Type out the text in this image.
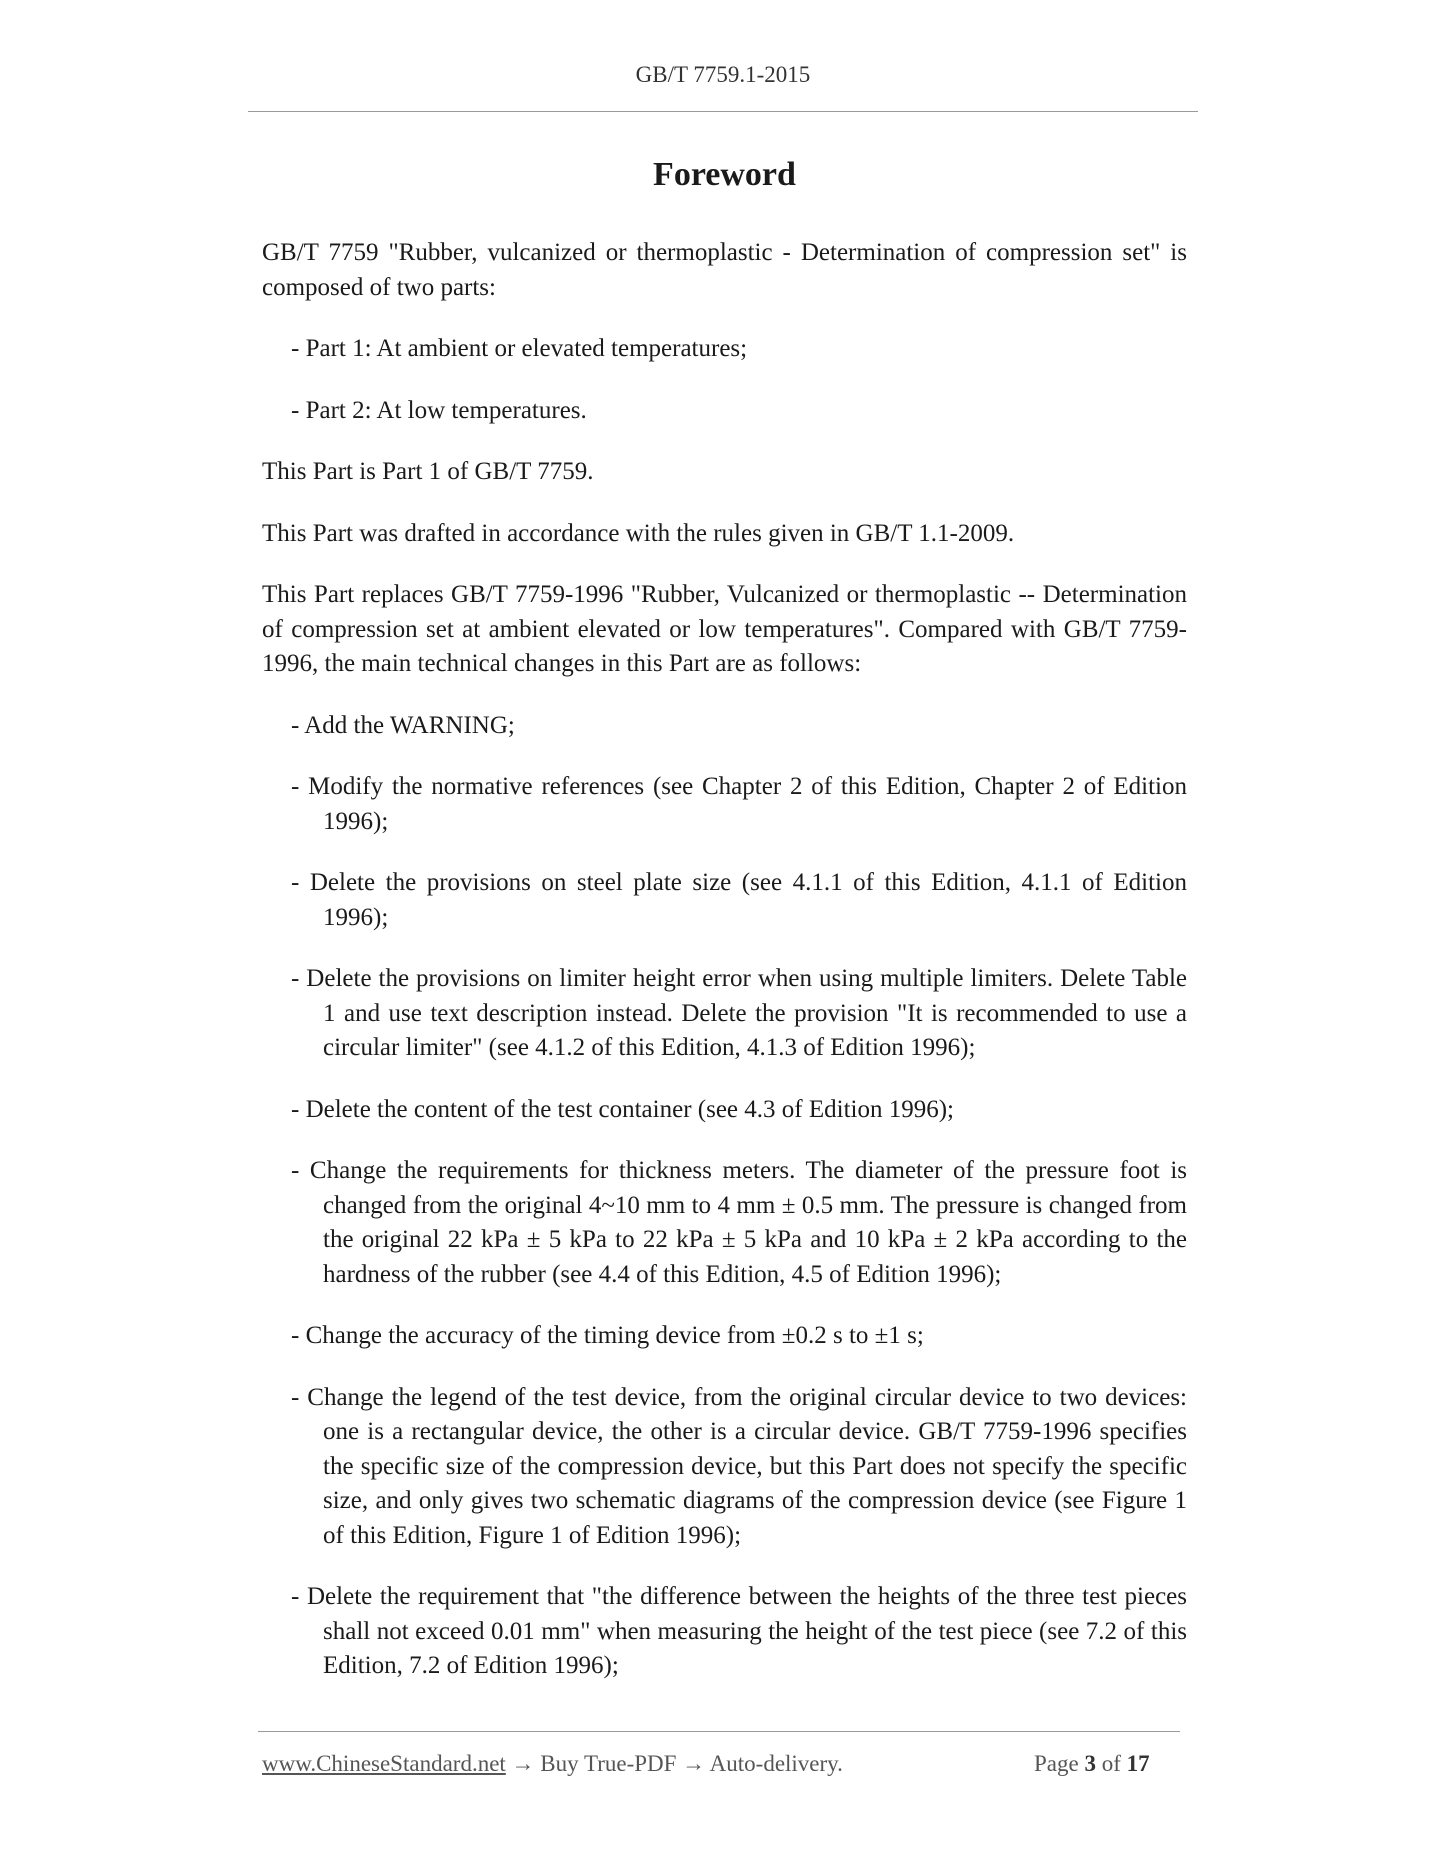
GB/T 7759.1-2015
Foreword

GB/T 7759 "Rubber, vulcanized or thermoplastic - Determination of compression set" is composed of two parts:

- Part 1: At ambient or elevated temperatures;

- Part 2: At low temperatures.

This Part is Part 1 of GB/T 7759.

This Part was drafted in accordance with the rules given in GB/T 1.1-2009.

This Part replaces GB/T 7759-1996 "Rubber, Vulcanized or thermoplastic -- Determination of compression set at ambient elevated or low temperatures". Compared with GB/T 7759-1996, the main technical changes in this Part are as follows:

- Add the WARNING;

- Modify the normative references (see Chapter 2 of this Edition, Chapter 2 of Edition 1996);

- Delete the provisions on steel plate size (see 4.1.1 of this Edition, 4.1.1 of Edition 1996);

- Delete the provisions on limiter height error when using multiple limiters. Delete Table 1 and use text description instead. Delete the provision "It is recommended to use a circular limiter" (see 4.1.2 of this Edition, 4.1.3 of Edition 1996);

- Delete the content of the test container (see 4.3 of Edition 1996);

- Change the requirements for thickness meters. The diameter of the pressure foot is changed from the original 4~10 mm to 4 mm ± 0.5 mm. The pressure is changed from the original 22 kPa ± 5 kPa to 22 kPa ± 5 kPa and 10 kPa ± 2 kPa according to the hardness of the rubber (see 4.4 of this Edition, 4.5 of Edition 1996);

- Change the accuracy of the timing device from ±0.2 s to ±1 s;

- Change the legend of the test device, from the original circular device to two devices: one is a rectangular device, the other is a circular device. GB/T 7759-1996 specifies the specific size of the compression device, but this Part does not specify the specific size, and only gives two schematic diagrams of the compression device (see Figure 1 of this Edition, Figure 1 of Edition 1996);

- Delete the requirement that "the difference between the heights of the three test pieces shall not exceed 0.01 mm" when measuring the height of the test piece (see 7.2 of this Edition, 7.2 of Edition 1996);

www.ChineseStandard.net → Buy True-PDF → Auto-delivery.	Page 3 of 17
